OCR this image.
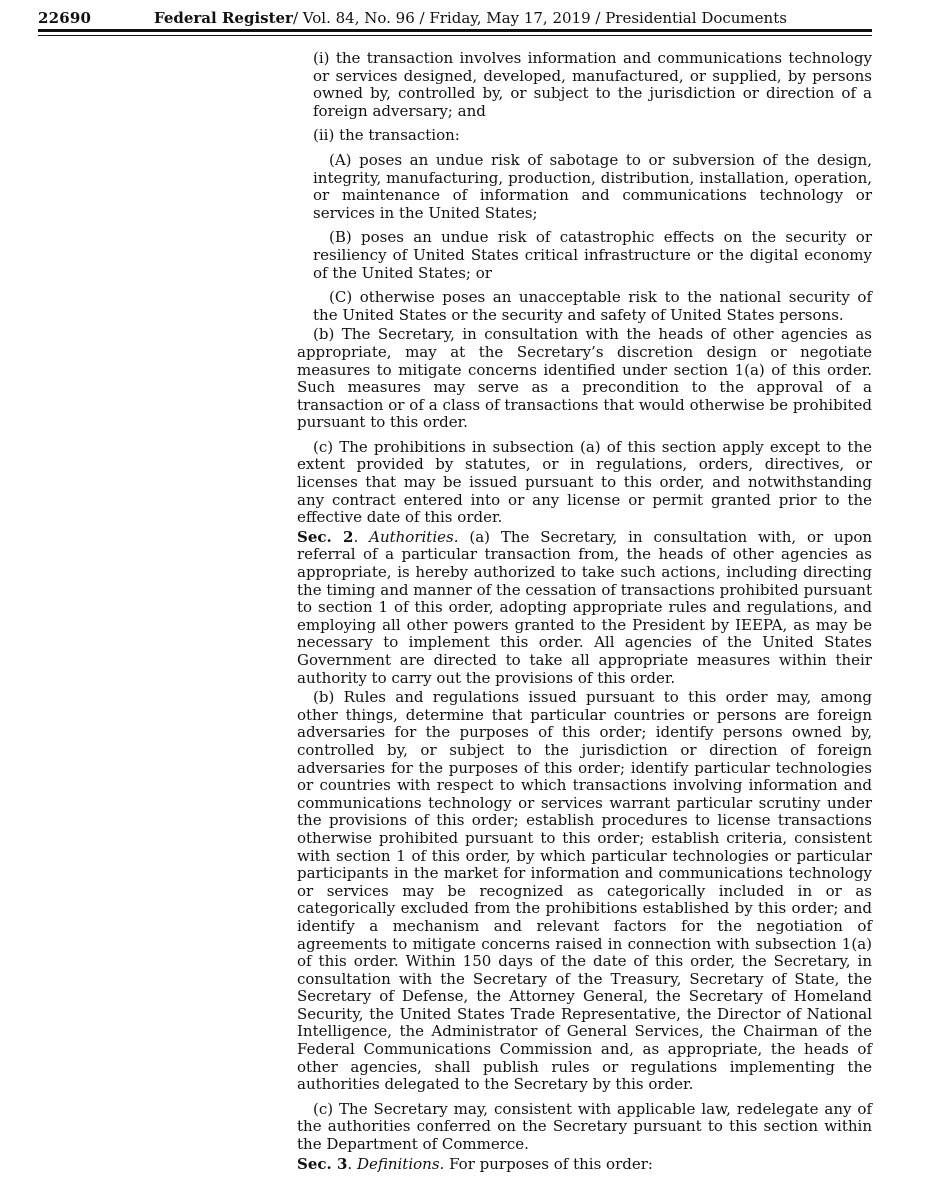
22690	Federal Register/ Vol. 84, No. 96 / Friday, May 17, 2019 / Presidential Documents

(i) the transaction involves information and communications technology or services designed, developed, manufactured, or supplied, by persons owned by, controlled by, or subject to the jurisdiction or direction of a foreign adversary; and

(ii) the transaction:

(A) poses an undue risk of sabotage to or subversion of the design, integrity, manufacturing, production, distribution, installation, operation, or maintenance of information and communications technology or services in the United States;

(B) poses an undue risk of catastrophic effects on the security or resiliency of United States critical infrastructure or the digital economy of the United States; or

(C) otherwise poses an unacceptable risk to the national security of the United States or the security and safety of United States persons.

(b) The Secretary, in consultation with the heads of other agencies as appropriate, may at the Secretary’s discretion design or negotiate measures to mitigate concerns identified under section 1(a) of this order. Such measures may serve as a precondition to the approval of a transaction or of a class of transactions that would otherwise be prohibited pursuant to this order.

(c) The prohibitions in subsection (a) of this section apply except to the extent provided by statutes, or in regulations, orders, directives, or licenses that may be issued pursuant to this order, and notwithstanding any contract entered into or any license or permit granted prior to the effective date of this order.

Sec. 2. Authorities. (a) The Secretary, in consultation with, or upon referral of a particular transaction from, the heads of other agencies as appropriate, is hereby authorized to take such actions, including directing the timing and manner of the cessation of transactions prohibited pursuant to section 1 of this order, adopting appropriate rules and regulations, and employing all other powers granted to the President by IEEPA, as may be necessary to implement this order. All agencies of the United States Government are directed to take all appropriate measures within their authority to carry out the provisions of this order.

(b) Rules and regulations issued pursuant to this order may, among other things, determine that particular countries or persons are foreign adversaries for the purposes of this order; identify persons owned by, controlled by, or subject to the jurisdiction or direction of foreign adversaries for the purposes of this order; identify particular technologies or countries with respect to which transactions involving information and communications technology or services warrant particular scrutiny under the provisions of this order; establish procedures to license transactions otherwise prohibited pursuant to this order; establish criteria, consistent with section 1 of this order, by which particular technologies or particular participants in the market for information and communications technology or services may be recognized as categorically included in or as categorically excluded from the prohibitions established by this order; and identify a mechanism and relevant factors for the negotiation of agreements to mitigate concerns raised in connection with subsection 1(a) of this order. Within 150 days of the date of this order, the Secretary, in consultation with the Secretary of the Treasury, Secretary of State, the Secretary of Defense, the Attorney General, the Secretary of Homeland Security, the United States Trade Representative, the Director of National Intelligence, the Administrator of General Services, the Chairman of the Federal Communications Commission and, as appropriate, the heads of other agencies, shall publish rules or regulations implementing the authorities delegated to the Secretary by this order.

(c) The Secretary may, consistent with applicable law, redelegate any of the authorities conferred on the Secretary pursuant to this section within the Department of Commerce.

Sec. 3. Definitions. For purposes of this order:
